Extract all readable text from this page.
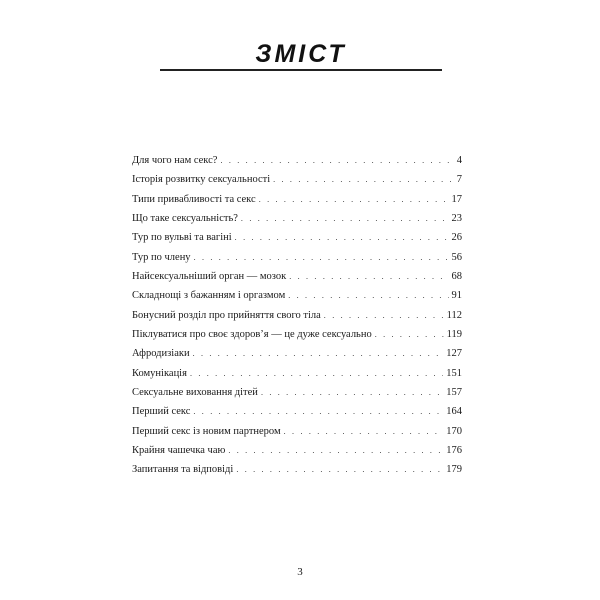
ЗМІСТ
Для чого нам секс? . . .	4
Історія розвитку сексуальності . . .	7
Типи привабливості та секс . . .	17
Що таке сексуальність? . . .	23
Тур по вульві та вагіні . . .	26
Тур по члену . . .	56
Найсексуальніший орган — мозок . . .	68
Складнощі з бажанням і оргазмом . . .	91
Бонусний розділ про прийняття свого тіла . . .	112
Піклуватися про своє здоров’я — це дуже сексуально . . .	119
Афродизіаки . . .	127
Комунікація . . .	151
Сексуальне виховання дітей . . .	157
Перший секс . . .	164
Перший секс із новим партнером . . .	170
Крайня чашечка чаю . . .	176
Запитання та відповіді . . .	179
3
